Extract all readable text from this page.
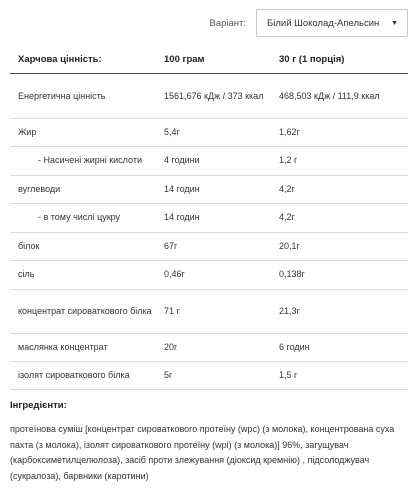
Варіант: Білий Шоколад-Апельсин ▼
Харчова цінність:	100 грам	30 г (1 порція)
Енергетична цінність	1561,676 кДж / 373 ккал	468,503 кДж / 111,9 ккал
Жир	5,4г	1,62г
- Насичені жирні кислоти	4 години	1,2 г
вуглеводи	14 годин	4,2г
- в тому числі цукру	14 годин	4,2г
білок	67г	20,1г
сіль	0,46г	0,138г
концентрат сироваткового білка	71 г	21,3г
маслянка концентрат	20г	6 годин
ізолят сироваткового білка	5г	1,5 г
Інгредієнти:
протеїнова суміш [концентрат сироваткового протеїну (wpc) (з молока), концентрована суха пахта (з молока), ізолят сироваткового протеїну (wpi) (з молока)] 96%, загущувач (карбоксиметилцелюлоза), засіб проти злежування (діоксид кремнію) , підсолоджувач (сукралоза), барвники (каротини)
